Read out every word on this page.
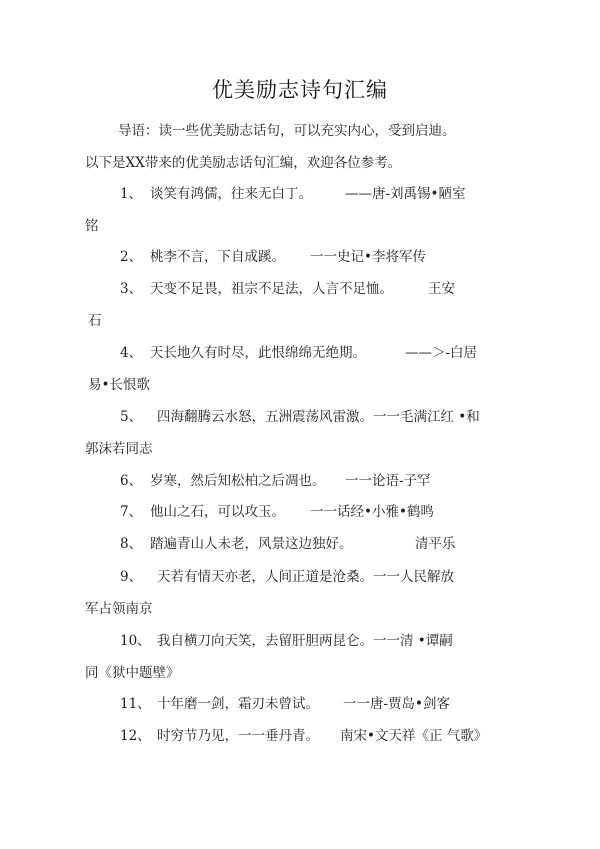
优美励志诗句汇编
导语：读一些优美励志话句，可以充实内心，受到启迪。
以下是XX带来的优美励志话句汇编，欢迎各位参考。
1、 谈笑有鸿儒，往来无白丁。 ——唐-刘禹锡•陋室
铭
2、 桃李不言，下自成蹊。 一一史记•李将军传
3、 天变不足畏，祖宗不足法，人言不足恤。	王安
石
4、 天长地久有时尽，此恨绵绵无绝期。	——＞-白居
易•长恨歌
5、 四海翻腾云水怒，五洲震荡风雷激。一一毛满江红 •和
郭沫若同志
6、 岁寒，然后知松柏之后凋也。 一一论语-子罕
7、 他山之石，可以攻玉。 一一话经•小雅•鹤鸣
8、 踏遍青山人未老，风景这边独好。	清平乐
9、 天若有情天亦老，人间正道是沧桑。一一人民解放
军占领南京
10、 我自横刀向天笑，去留肝胆两昆仑。一一清 •谭嗣
同《狱中题壁》
11、 十年磨一剑，霜刃未曾试。 一一唐-贾岛•剑客
12、 时穷节乃见，一一垂丹青。 南宋•文天祥《正 气歌》
